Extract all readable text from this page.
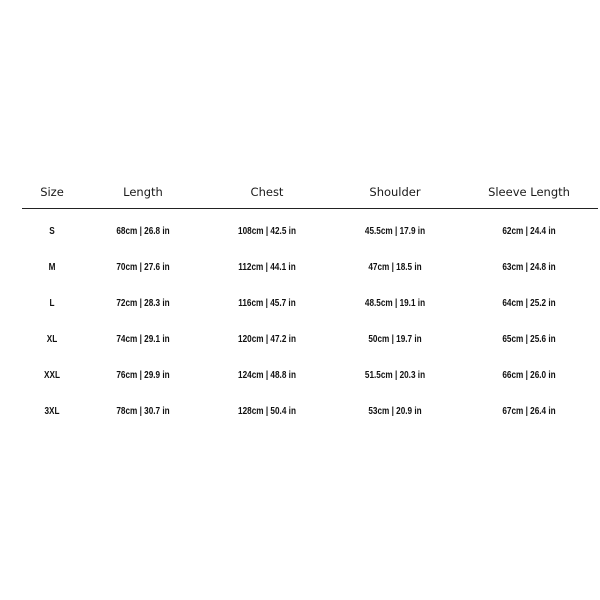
Size	Length	Chest	Shoulder	Sleeve Length
S	68cm | 26.8 in	108cm | 42.5 in	45.5cm | 17.9 in	62cm | 24.4 in
M	70cm | 27.6 in	112cm | 44.1 in	47cm | 18.5 in	63cm | 24.8 in
L	72cm | 28.3 in	116cm | 45.7 in	48.5cm | 19.1 in	64cm | 25.2 in
XL	74cm | 29.1 in	120cm | 47.2 in	50cm | 19.7 in	65cm | 25.6 in
XXL	76cm | 29.9 in	124cm | 48.8 in	51.5cm | 20.3 in	66cm | 26.0 in
3XL	78cm | 30.7 in	128cm | 50.4 in	53cm | 20.9 in	67cm | 26.4 in
